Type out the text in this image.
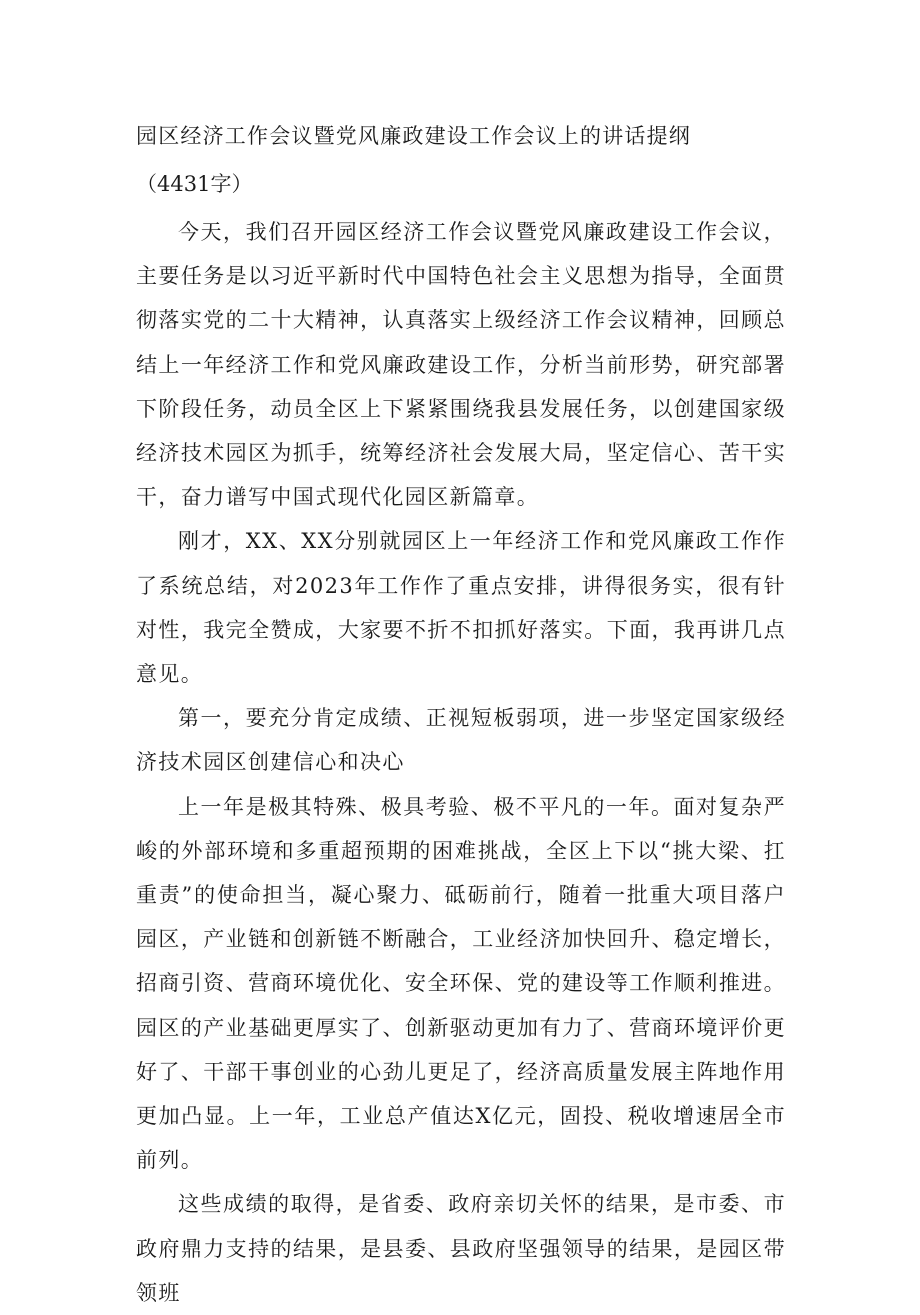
园区经济工作会议暨党风廉政建设工作会议上的讲话提纲

（4431字）

今天，我们召开园区经济工作会议暨党风廉政建设工作会议，主要任务是以习近平新时代中国特色社会主义思想为指导，全面贯彻落实党的二十大精神，认真落实上级经济工作会议精神，回顾总结上一年经济工作和党风廉政建设工作，分析当前形势，研究部署下阶段任务，动员全区上下紧紧围绕我县发展任务，以创建国家级经济技术园区为抓手，统筹经济社会发展大局，坚定信心、苦干实干，奋力谱写中国式现代化园区新篇章。

刚才，XX、XX分别就园区上一年经济工作和党风廉政工作作了系统总结，对2023年工作作了重点安排，讲得很务实，很有针对性，我完全赞成，大家要不折不扣抓好落实。下面，我再讲几点意见。

第一，要充分肯定成绩、正视短板弱项，进一步坚定国家级经济技术园区创建信心和决心

上一年是极其特殊、极具考验、极不平凡的一年。面对复杂严峻的外部环境和多重超预期的困难挑战，全区上下以“挑大梁、扛重责”的使命担当，凝心聚力、砥砺前行，随着一批重大项目落户园区，产业链和创新链不断融合，工业经济加快回升、稳定增长，招商引资、营商环境优化、安全环保、党的建设等工作顺利推进。园区的产业基础更厚实了、创新驱动更加有力了、营商环境评价更好了、干部干事创业的心劲儿更足了，经济高质量发展主阵地作用更加凸显。上一年，工业总产值达X亿元，固投、税收增速居全市前列。

这些成绩的取得，是省委、政府亲切关怀的结果，是市委、市政府鼎力支持的结果，是县委、县政府坚强领导的结果，是园区带领班
